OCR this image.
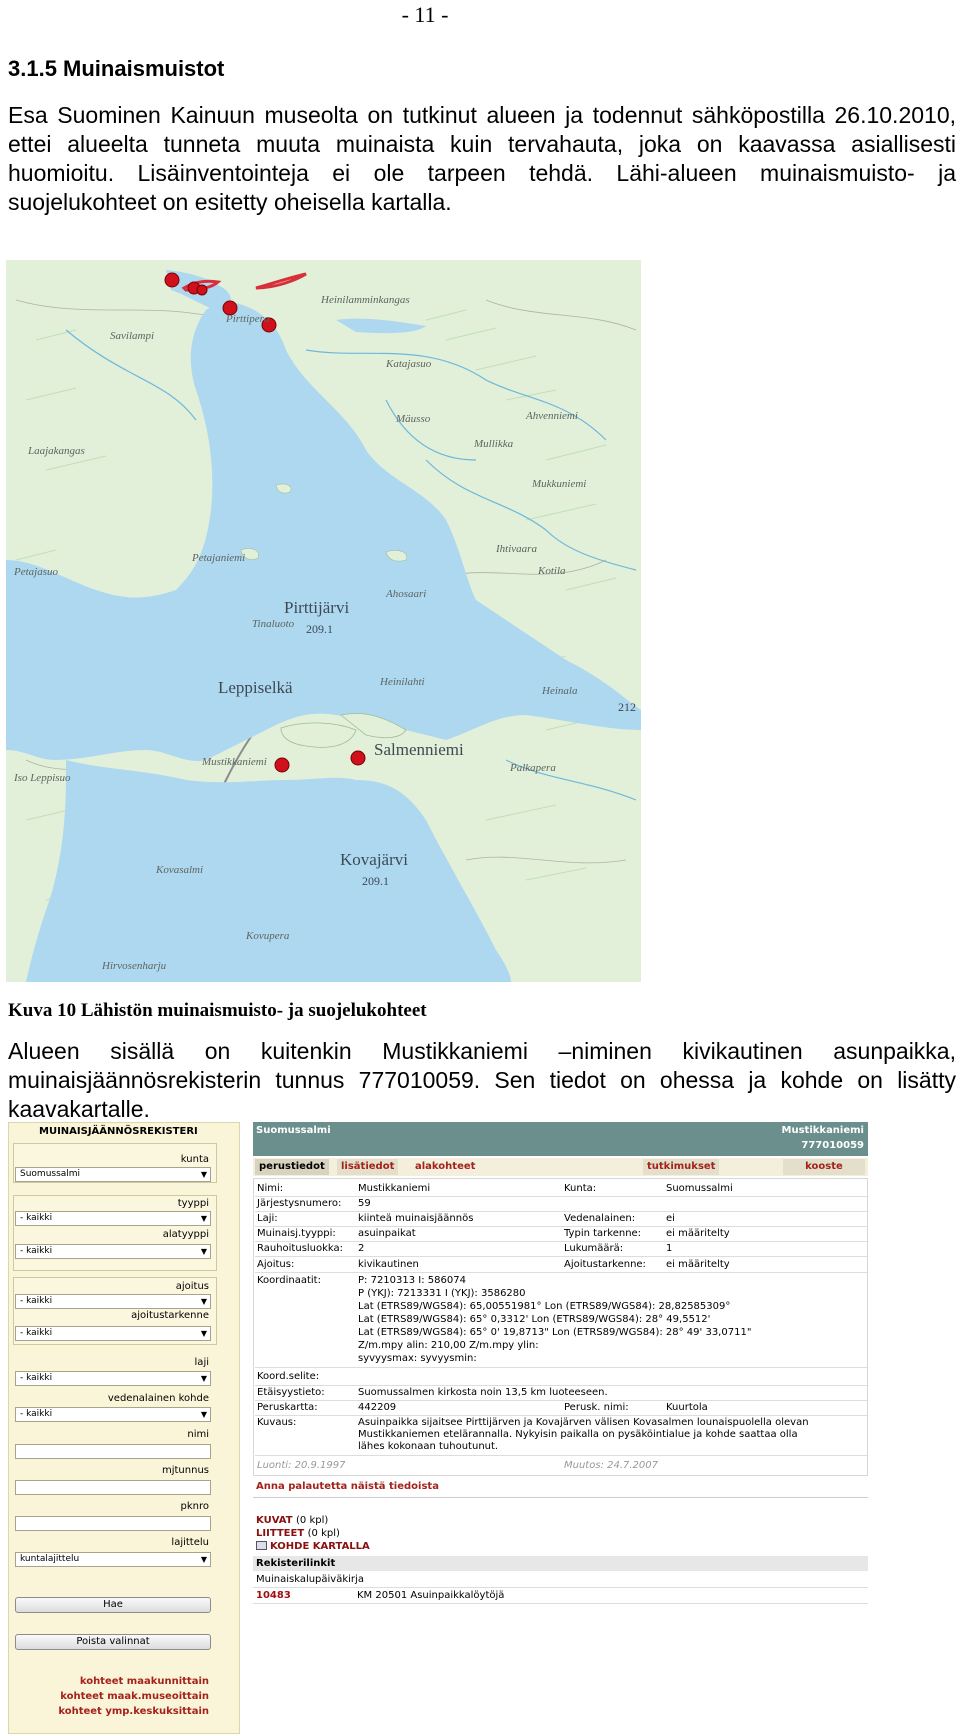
- 11 -
3.1.5 Muinaismuistot
Esa Suominen Kainuun museolta on tutkinut alueen ja todennut sähköpostilla 26.10.2010, ettei alueelta tunneta muuta muinaista kuin tervahauta, joka on kaavassa asiallisesti huomioitu. Lisäinventointeja ei ole tarpeen tehdä. Lähi-alueen muinaismuisto- ja suojelukohteet on esitetty oheisella kartalla.
Heinilamminkangas
Pirttipera
Savilampi
Katajasuo
Laajakangas
Mäusso	Ahvenniemi
Mullikka
Mukkuniemi
Ihtivaara
Kotila
Petajasuo
Petajaniemi
Pirttijärvi
209.1
Tinaluoto
Ahosaari
Leppiselkä	Heinilahti
Heinala
Salmenniemi
Palkapera
Mustikkaniemi
Iso Leppisuo
Kovajärvi
209.1
Kovasalmi
Kovupera
Hirvosenharju
212
Kuva 10 Lähistön muinaismuisto- ja suojelukohteet
Alueen sisällä on kuitenkin Mustikkaniemi –niminen kivikautinen asunpaikka, muinaisjäännösrekisterin tunnus 777010059. Sen tiedot on ohessa ja kohde on lisätty kaavakartalle.
MUINAISJÄÄNNÖSREKISTERI
kunta
Suomussalmi	▼
tyyppi
- kaikki	▼
alatyyppi
- kaikki	▼
ajoitus
- kaikki	▼
ajoitustarkenne
- kaikki	▼
laji
- kaikki	▼
vedenalainen kohde
- kaikki	▼
nimi
mjtunnus
pknro
lajittelu
kuntalajittelu	▼
Hae
Poista valinnat
kohteet maakunnittain
kohteet maak.museoittain
kohteet ymp.keskuksittain
Suomussalmi	Mustikkaniemi
777010059
perustiedot	lisätiedot	alakohteet	tutkimukset	kooste
Nimi:	Mustikkaniemi	Kunta:	Suomussalmi
Järjestysnumero: 59
Laji:	kiinteä muinaisjäännös	Vedenalainen:	ei
Muinaisj.tyyppi: asuinpaikat	Typin tarkenne: ei määritelty
Rauhoitusluokka: 2	Lukumäärä:	1
Ajoitus:	kivikautinen	Ajoitustarkenne: ei määritelty
Koordinaatit:	P: 7210313 I: 586074
P (YKJ): 7213331 I (YKJ): 3586280
Lat (ETRS89/WGS84): 65,00551981° Lon (ETRS89/WGS84): 28,82585309°
Lat (ETRS89/WGS84): 65° 0,3312' Lon (ETRS89/WGS84): 28° 49,5512'
Lat (ETRS89/WGS84): 65° 0' 19,8713" Lon (ETRS89/WGS84): 28° 49' 33,0711"
Z/m.mpy alin: 210,00 Z/m.mpy ylin:
syvyysmax: syvyysmin:
Koord.selite:
Etäisyystieto:	Suomussalmen kirkosta noin 13,5 km luoteeseen.
Peruskartta:	442209	Perusk. nimi:	Kuurtola
Kuvaus:	Asuinpaikka sijaitsee Pirttijärven ja Kovajärven välisen Kovasalmen lounaispuolella olevan
Mustikkaniemen etelärannalla. Nykyisin paikalla on pysäköintialue ja kohde saattaa olla
lähes kokonaan tuhoutunut.
Luonti: 20.9.1997	Muutos: 24.7.2007
Anna palautetta näistä tiedoista
KUVAT (0 kpl)
LIITTEET (0 kpl)
KOHDE KARTALLA
Rekisterilinkit
Muinaiskalupäiväkirja
10483	KM 20501 Asuinpaikkalöytöjä
